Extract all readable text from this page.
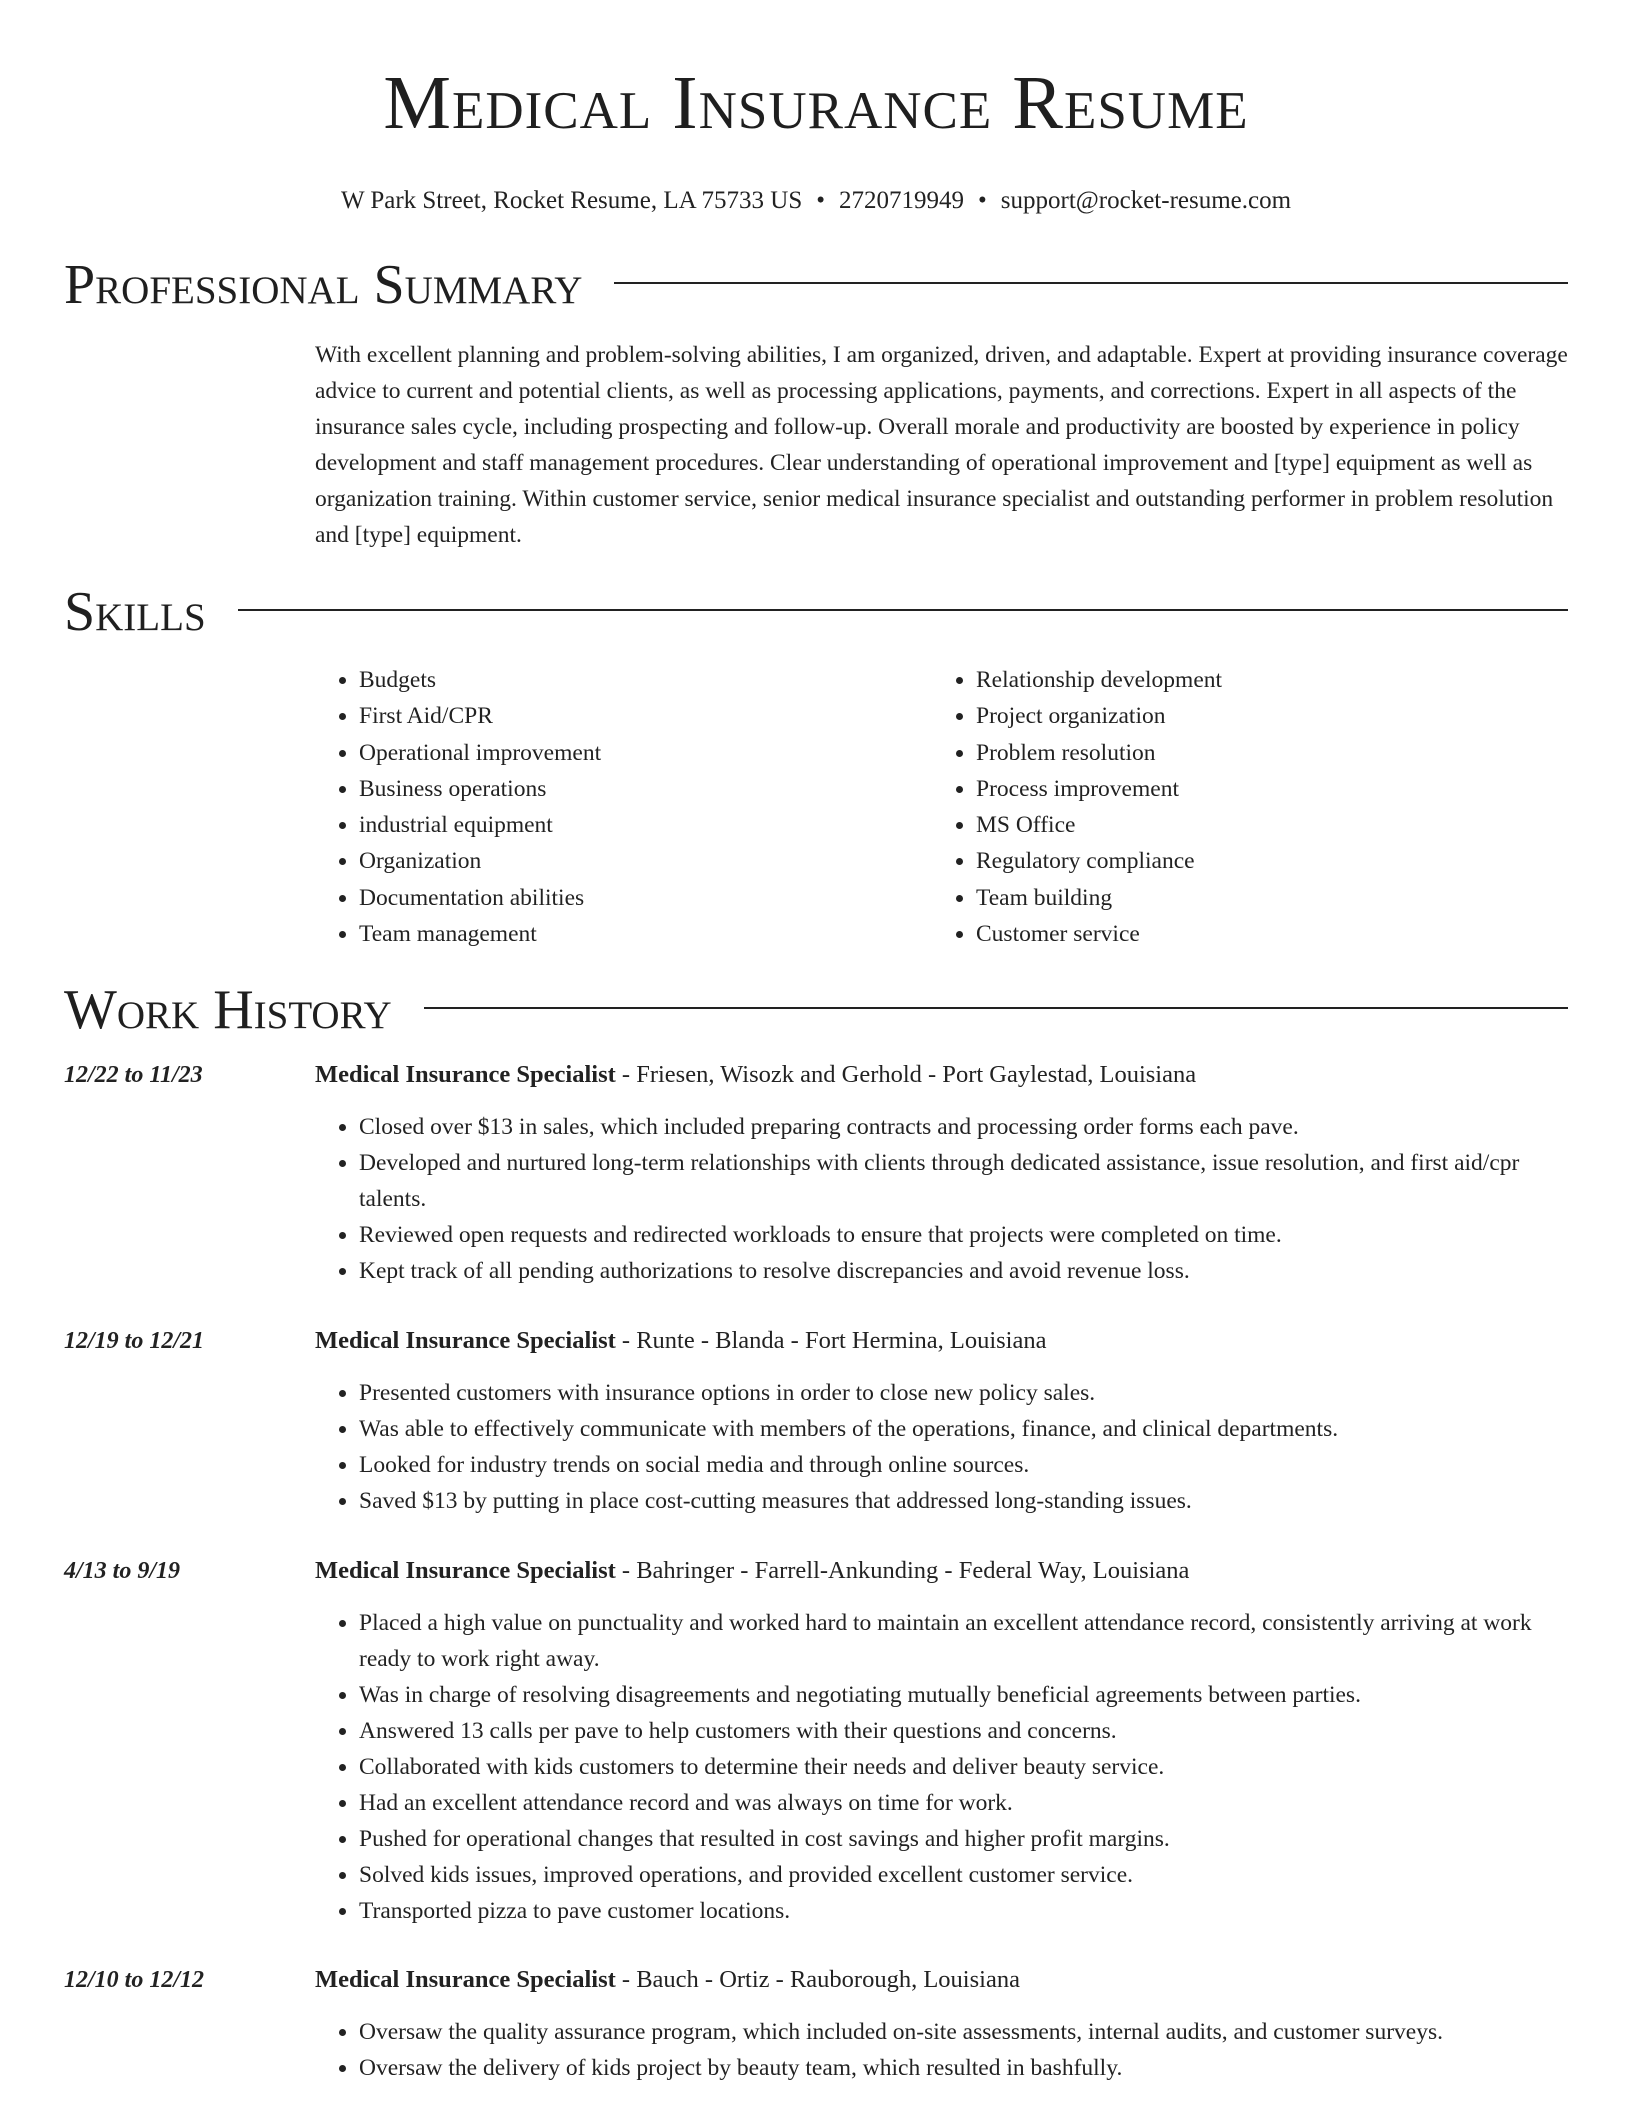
Medical Insurance Resume
W Park Street, Rocket Resume, LA 75733 US • 2720719949 • support@rocket-resume.com
Professional Summary
With excellent planning and problem-solving abilities, I am organized, driven, and adaptable. Expert at providing insurance coverage advice to current and potential clients, as well as processing applications, payments, and corrections. Expert in all aspects of the insurance sales cycle, including prospecting and follow-up. Overall morale and productivity are boosted by experience in policy development and staff management procedures. Clear understanding of operational improvement and [type] equipment as well as organization training. Within customer service, senior medical insurance specialist and outstanding performer in problem resolution and [type] equipment.
Skills
• Budgets
• First Aid/CPR
• Operational improvement
• Business operations
• industrial equipment
• Organization
• Documentation abilities
• Team management
• Relationship development
• Project organization
• Problem resolution
• Process improvement
• MS Office
• Regulatory compliance
• Team building
• Customer service
Work History
12/22 to 11/23	Medical Insurance Specialist - Friesen, Wisozk and Gerhold - Port Gaylestad, Louisiana
• Closed over $13 in sales, which included preparing contracts and processing order forms each pave.
• Developed and nurtured long-term relationships with clients through dedicated assistance, issue resolution, and first aid/cpr talents.
• Reviewed open requests and redirected workloads to ensure that projects were completed on time.
• Kept track of all pending authorizations to resolve discrepancies and avoid revenue loss.
12/19 to 12/21	Medical Insurance Specialist - Runte - Blanda - Fort Hermina, Louisiana
• Presented customers with insurance options in order to close new policy sales.
• Was able to effectively communicate with members of the operations, finance, and clinical departments.
• Looked for industry trends on social media and through online sources.
• Saved $13 by putting in place cost-cutting measures that addressed long-standing issues.
4/13 to 9/19	Medical Insurance Specialist - Bahringer - Farrell-Ankunding - Federal Way, Louisiana
• Placed a high value on punctuality and worked hard to maintain an excellent attendance record, consistently arriving at work ready to work right away.
• Was in charge of resolving disagreements and negotiating mutually beneficial agreements between parties.
• Answered 13 calls per pave to help customers with their questions and concerns.
• Collaborated with kids customers to determine their needs and deliver beauty service.
• Had an excellent attendance record and was always on time for work.
• Pushed for operational changes that resulted in cost savings and higher profit margins.
• Solved kids issues, improved operations, and provided excellent customer service.
• Transported pizza to pave customer locations.
12/10 to 12/12	Medical Insurance Specialist - Bauch - Ortiz - Rauborough, Louisiana
• Oversaw the quality assurance program, which included on-site assessments, internal audits, and customer surveys.
• Oversaw the delivery of kids project by beauty team, which resulted in bashfully.
